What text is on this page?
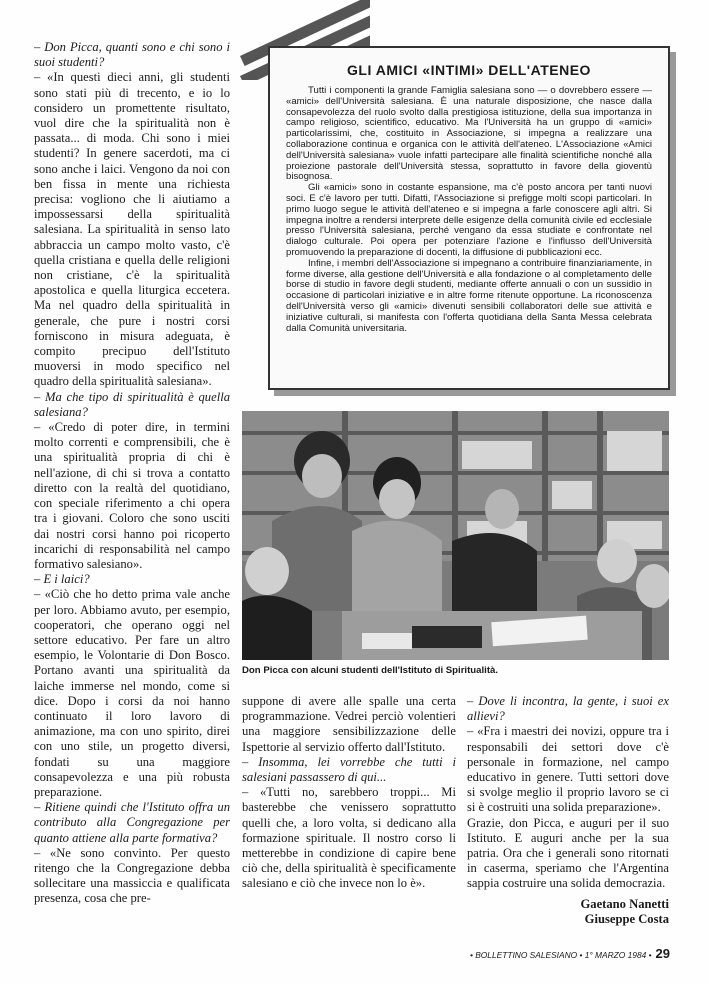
– Don Picca, quanti sono e chi sono i suoi studenti?

– «In questi dieci anni, gli studenti sono stati più di trecento, e io lo considero un promettente risultato, vuol dire che la spiritualità non è passata... di moda. Chi sono i miei studenti? In genere sacerdoti, ma ci sono anche i laici. Vengono da noi con ben fissa in mente una richiesta precisa: vogliono che li aiutiamo a impossessarsi della spiritualità salesiana. La spiritualità in senso lato abbraccia un campo molto vasto, c'è quella cristiana e quella delle religioni non cristiane, c'è la spiritualità apostolica e quella liturgica eccetera. Ma nel quadro della spiritualità in generale, che pure i nostri corsi forniscono in misura adeguata, è compito precipuo dell'Istituto muoversi in modo specifico nel quadro della spiritualità salesiana».

– Ma che tipo di spiritualità è quella salesiana?

– «Credo di poter dire, in termini molto correnti e comprensibili, che è una spiritualità propria di chi è nell'azione, di chi si trova a contatto diretto con la realtà del quotidiano, con speciale riferimento a chi opera tra i giovani. Coloro che sono usciti dai nostri corsi hanno poi ricoperto incarichi di responsabilità nel campo formativo salesiano».

– E i laici?

– «Ciò che ho detto prima vale anche per loro. Abbiamo avuto, per esempio, cooperatori, che operano oggi nel settore educativo. Per fare un altro esempio, le Volontarie di Don Bosco. Portano avanti una spiritualità da laiche immerse nel mondo, come si dice. Dopo i corsi da noi hanno continuato il loro lavoro di animazione, ma con uno spirito, direi con uno stile, un progetto diversi, fondati su una maggiore consapevolezza e una più robusta preparazione.

– Ritiene quindi che l'Istituto offra un contributo alla Congregazione per quanto attiene alla parte formativa?

– «Ne sono convinto. Per questo ritengo che la Congregazione debba sollecitare una massiccia e qualificata presenza, cosa che pre-

GLI AMICI «INTIMI» DELL'ATENEO

Tutti i componenti la grande Famiglia salesiana sono — o dovrebbero essere — «amici» dell'Università salesiana. È una naturale disposizione, che nasce dalla consapevolezza del ruolo svolto dalla prestigiosa istituzione, della sua importanza in campo religioso, scientifico, educativo. Ma l'Università ha un gruppo di «amici» particolarissimi, che, costituito in Associazione, si impegna a realizzare una collaborazione continua e organica con le attività dell'ateneo. L'Associazione «Amici dell'Università salesiana» vuole infatti partecipare alle finalità scientifiche nonché alla proiezione pastorale dell'Università stessa, soprattutto in favore della gioventù bisognosa.

Gli «amici» sono in costante espansione, ma c'è posto ancora per tanti nuovi soci. E c'è lavoro per tutti. Difatti, l'Associazione si prefigge molti scopi particolari. In primo luogo segue le attività dell'ateneo e si impegna a farle conoscere agli altri. Si impegna inoltre a rendersi interprete delle esigenze della comunità civile ed ecclesiale presso l'Università salesiana, perché vengano da essa studiate e confrontate nel dialogo culturale. Poi opera per potenziare l'azione e l'influsso dell'Università promuovendo la preparazione di docenti, la diffusione di pubblicazioni ecc.

Infine, i membri dell'Associazione si impegnano a contribuire finanziariamente, in forme diverse, alla gestione dell'Università e alla fondazione o al completamento delle borse di studio in favore degli studenti, mediante offerte annuali o con un sussidio in occasione di particolari iniziative e in altre forme ritenute opportune. La riconoscenza dell'Università verso gli «amici» divenuti sensibili collaboratori delle sue attività e iniziative culturali, si manifesta con l'offerta quotidiana della Santa Messa celebrata dalla Comunità universitaria.

Don Picca con alcuni studenti dell'Istituto di Spiritualità.

suppone di avere alle spalle una certa programmazione. Vedrei perciò volentieri una maggiore sensibilizzazione delle Ispettorie al servizio offerto dall'Istituto.

– Insomma, lei vorrebbe che tutti i salesiani passassero di qui...

– «Tutti no, sarebbero troppi... Mi basterebbe che venissero soprattutto quelli che, a loro volta, si dedicano alla formazione spirituale. Il nostro corso li metterebbe in condizione di capire bene ciò che, della spiritualità è specificamente salesiano e ciò che invece non lo è».

– Dove li incontra, la gente, i suoi ex allievi?

– «Fra i maestri dei novizi, oppure tra i responsabili dei settori dove c'è personale in formazione, nel campo educativo in genere. Tutti settori dove si svolge meglio il proprio lavoro se ci si è costruiti una solida preparazione».

Grazie, don Picca, e auguri per il suo Istituto. E auguri anche per la sua patria. Ora che i generali sono ritornati in caserma, speriamo che l'Argentina sappia costruire una solida democrazia.

Gaetano Nanetti

Giuseppe Costa

• BOLLETTINO SALESIANO • 1° MARZO 1984 • 29
